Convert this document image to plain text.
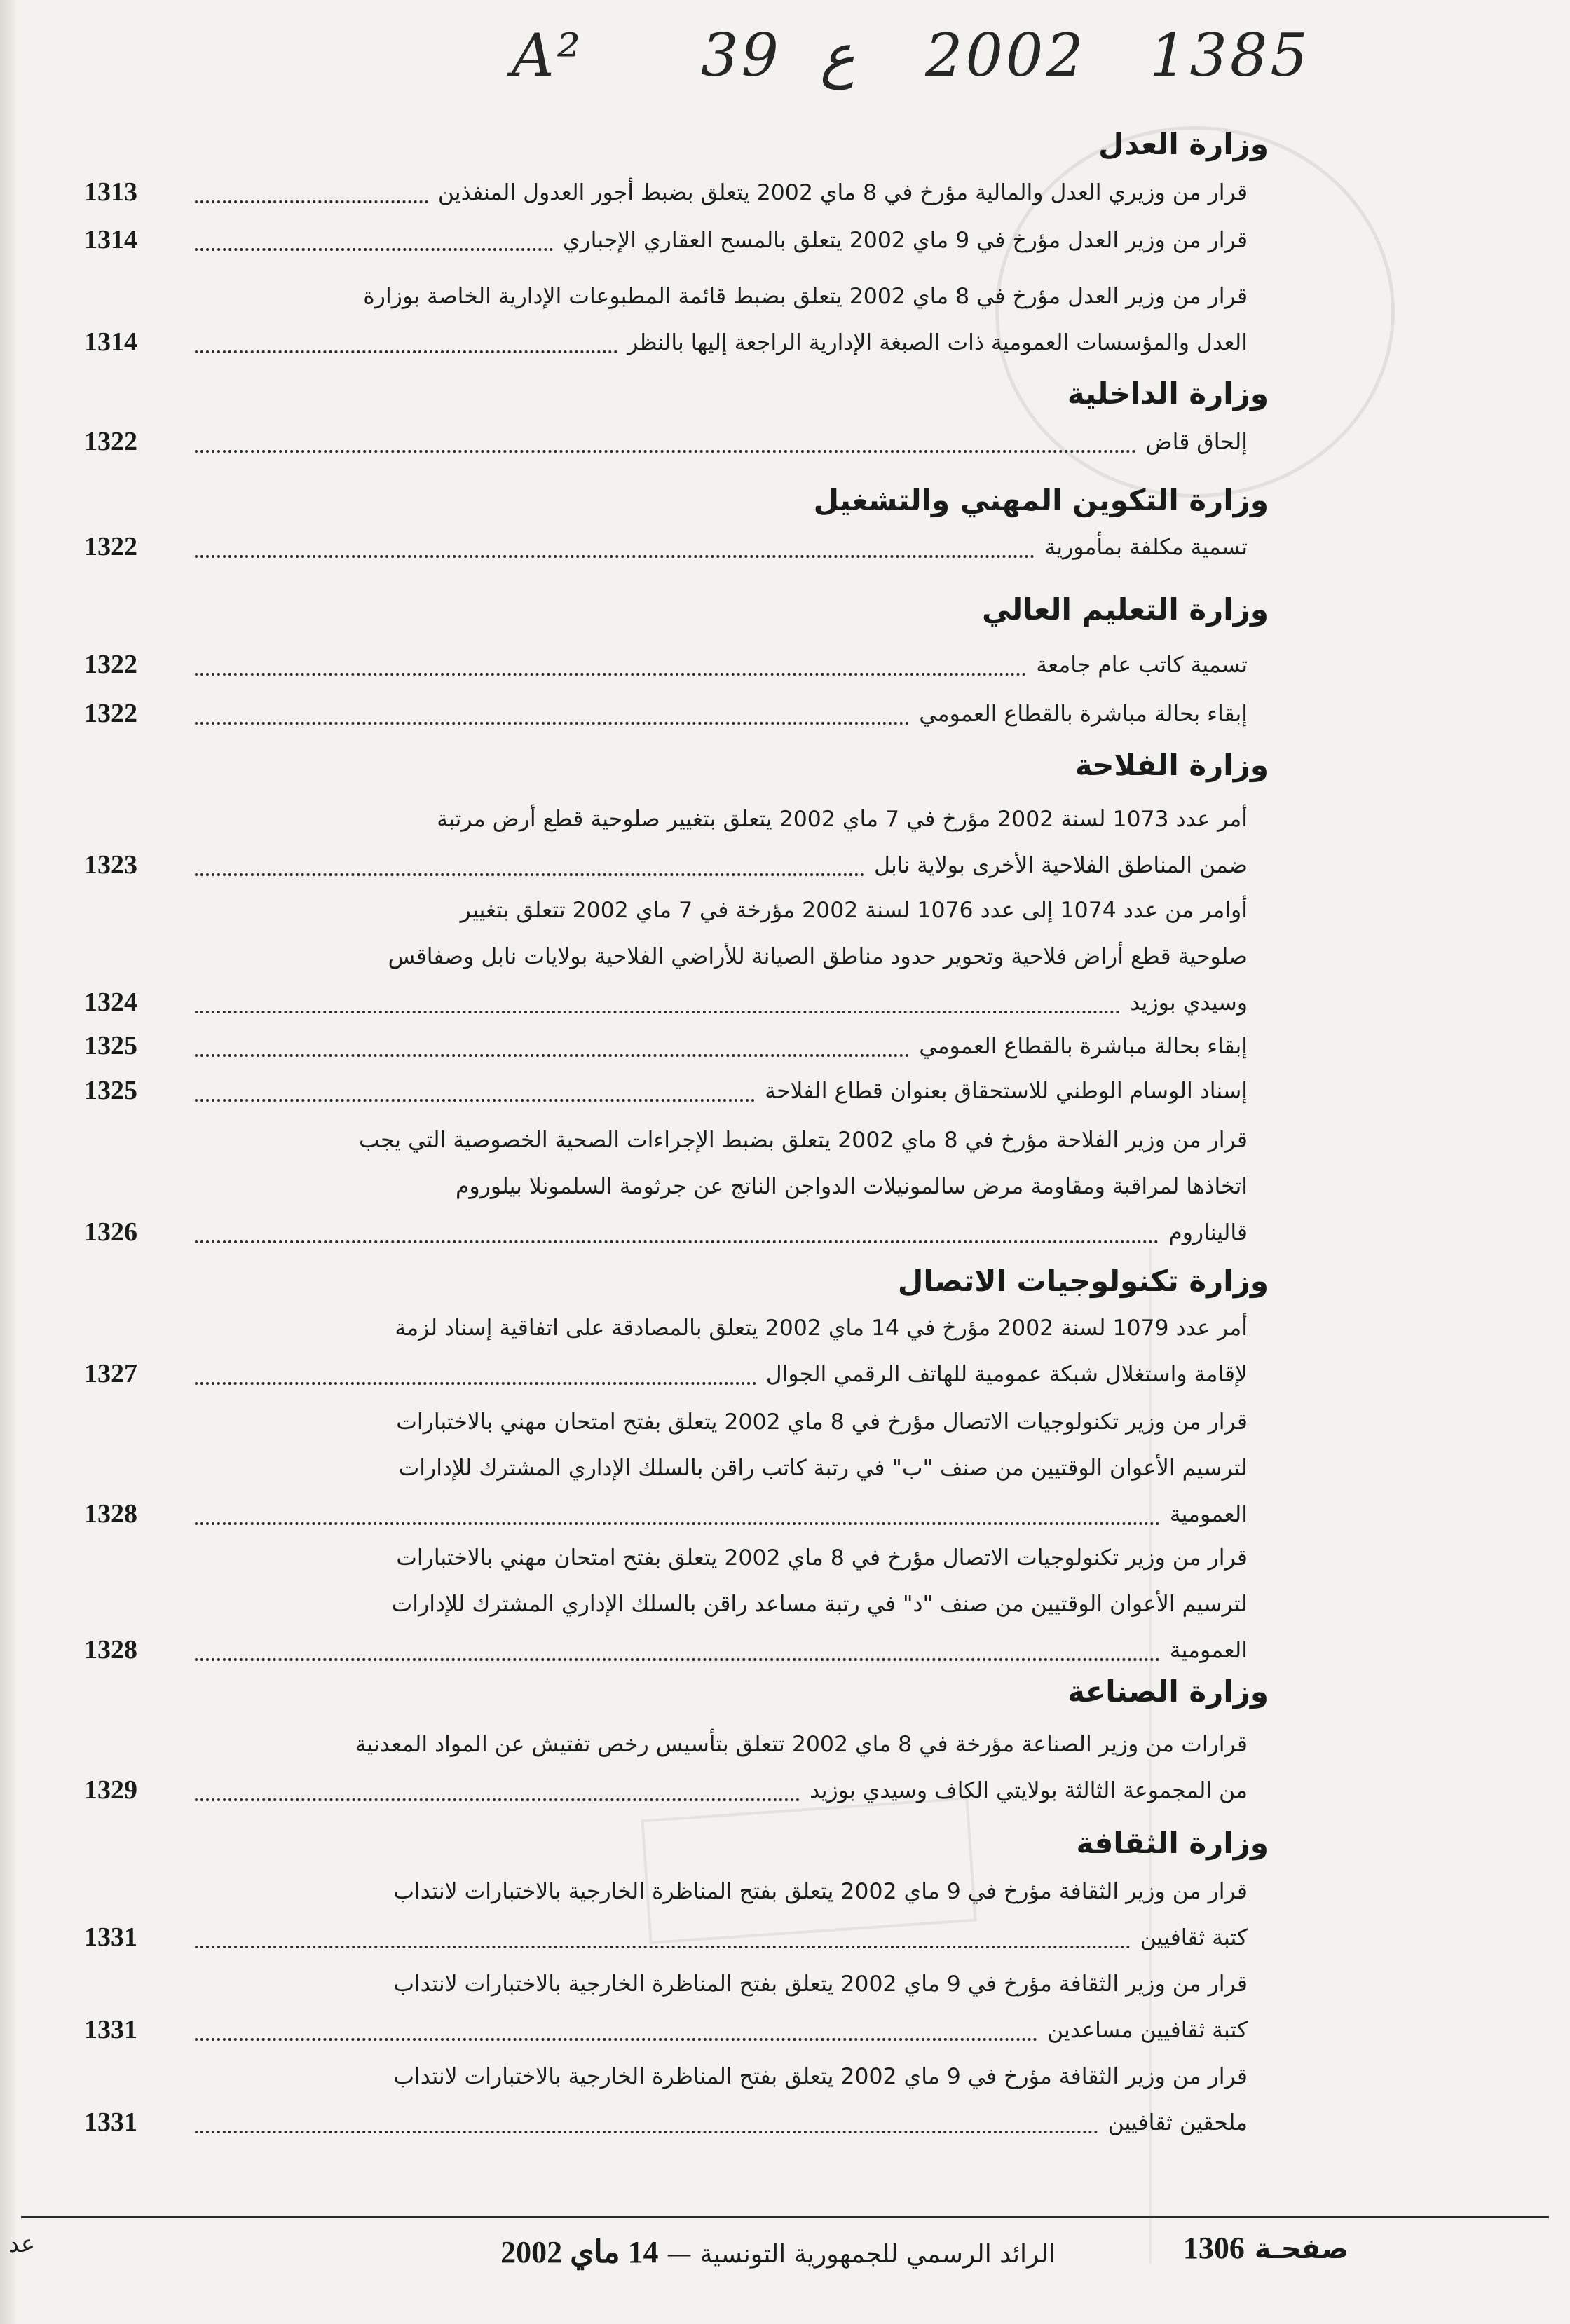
A² 39 ع 2002 1385
وزارة العدل
قرار من وزيري العدل والمالية مؤرخ في 8 ماي 2002 يتعلق بضبط أجور العدول المنفذين
1313
قرار من وزير العدل مؤرخ في 9 ماي 2002 يتعلق بالمسح العقاري الإجباري
1314
قرار من وزير العدل مؤرخ في 8 ماي 2002 يتعلق بضبط قائمة المطبوعات الإدارية الخاصة بوزارة
العدل والمؤسسات العمومية ذات الصبغة الإدارية الراجعة إليها بالنظر
1314
وزارة الداخلية
إلحاق قاض
1322
وزارة التكوين المهني والتشغيل
تسمية مكلفة بمأمورية
1322
وزارة التعليم العالي
تسمية كاتب عام جامعة
1322
إبقاء بحالة مباشرة بالقطاع العمومي
1322
وزارة الفلاحة
أمر عدد 1073 لسنة 2002 مؤرخ في 7 ماي 2002 يتعلق بتغيير صلوحية قطع أرض مرتبة
ضمن المناطق الفلاحية الأخرى بولاية نابل
1323
أوامر من عدد 1074 إلى عدد 1076 لسنة 2002 مؤرخة في 7 ماي 2002 تتعلق بتغيير
صلوحية قطع أراض فلاحية وتحوير حدود مناطق الصيانة للأراضي الفلاحية بولايات نابل وصفاقس
وسيدي بوزيد
1324
إبقاء بحالة مباشرة بالقطاع العمومي
1325
إسناد الوسام الوطني للاستحقاق بعنوان قطاع الفلاحة
1325
قرار من وزير الفلاحة مؤرخ في 8 ماي 2002 يتعلق بضبط الإجراءات الصحية الخصوصية التي يجب
اتخاذها لمراقبة ومقاومة مرض سالمونيلات الدواجن الناتج عن جرثومة السلمونلا بيلوروم
قاليناروم
1326
وزارة تكنولوجيات الاتصال
أمر عدد 1079 لسنة 2002 مؤرخ في 14 ماي 2002 يتعلق بالمصادقة على اتفاقية إسناد لزمة
لإقامة واستغلال شبكة عمومية للهاتف الرقمي الجوال
1327
قرار من وزير تكنولوجيات الاتصال مؤرخ في 8 ماي 2002 يتعلق بفتح امتحان مهني بالاختبارات
لترسيم الأعوان الوقتيين من صنف "ب" في رتبة كاتب راقن بالسلك الإداري المشترك للإدارات
العمومية
1328
قرار من وزير تكنولوجيات الاتصال مؤرخ في 8 ماي 2002 يتعلق بفتح امتحان مهني بالاختبارات
لترسيم الأعوان الوقتيين من صنف "د" في رتبة مساعد راقن بالسلك الإداري المشترك للإدارات
العمومية
1328
وزارة الصناعة
قرارات من وزير الصناعة مؤرخة في 8 ماي 2002 تتعلق بتأسيس رخص تفتيش عن المواد المعدنية
من المجموعة الثالثة بولايتي الكاف وسيدي بوزيد
1329
وزارة الثقافة
قرار من وزير الثقافة مؤرخ في 9 ماي 2002 يتعلق بفتح المناظرة الخارجية بالاختبارات لانتداب
كتبة ثقافيين
1331
قرار من وزير الثقافة مؤرخ في 9 ماي 2002 يتعلق بفتح المناظرة الخارجية بالاختبارات لانتداب
كتبة ثقافيين مساعدين
1331
قرار من وزير الثقافة مؤرخ في 9 ماي 2002 يتعلق بفتح المناظرة الخارجية بالاختبارات لانتداب
ملحقين ثقافيين
1331
عد	الرائد الرسمي للجمهورية التونسية — 14 ماي 2002	صفحـة 1306
